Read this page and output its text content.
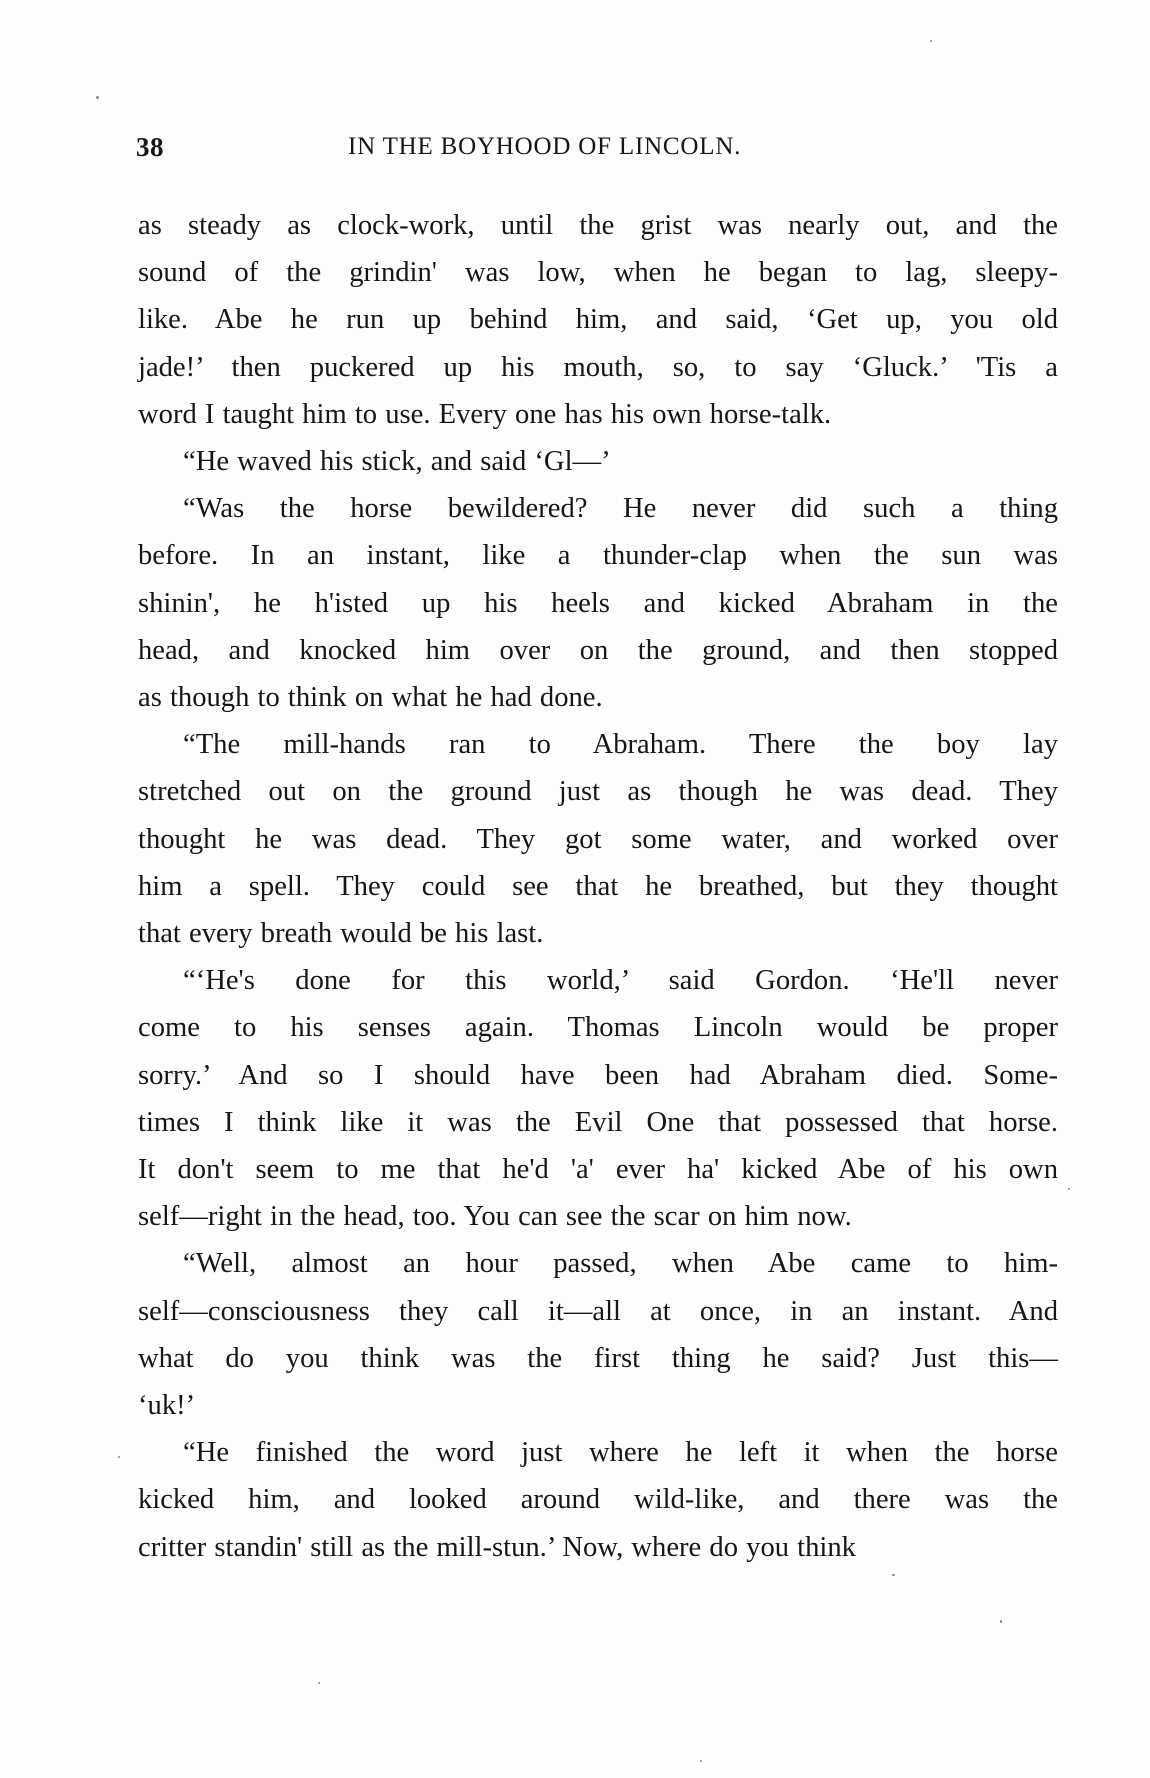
38	IN THE BOYHOOD OF LINCOLN.
as steady as clock-work, until the grist was nearly out, and the
sound of the grindin' was low, when he began to lag, sleepy-
like. Abe he run up behind him, and said, ‘Get up, you old
jade!’ then puckered up his mouth, so, to say ‘Gluck.’ 'Tis a
word I taught him to use. Every one has his own horse-talk.
“He waved his stick, and said ‘Gl—’
“Was the horse bewildered? He never did such a thing
before. In an instant, like a thunder-clap when the sun was
shinin', he h'isted up his heels and kicked Abraham in the
head, and knocked him over on the ground, and then stopped
as though to think on what he had done.
“The mill-hands ran to Abraham. There the boy lay
stretched out on the ground just as though he was dead. They
thought he was dead. They got some water, and worked over
him a spell. They could see that he breathed, but they thought
that every breath would be his last.
“‘He's done for this world,’ said Gordon. ‘He'll never
come to his senses again. Thomas Lincoln would be proper
sorry.’ And so I should have been had Abraham died. Some-
times I think like it was the Evil One that possessed that horse.
It don't seem to me that he'd 'a' ever ha' kicked Abe of his own
self—right in the head, too. You can see the scar on him now.
“Well, almost an hour passed, when Abe came to him-
self—consciousness they call it—all at once, in an instant. And
what do you think was the first thing he said? Just this—
‘uk!’
“He finished the word just where he left it when the horse
kicked him, and looked around wild-like, and there was the
critter standin' still as the mill-stun.’ Now, where do you think
